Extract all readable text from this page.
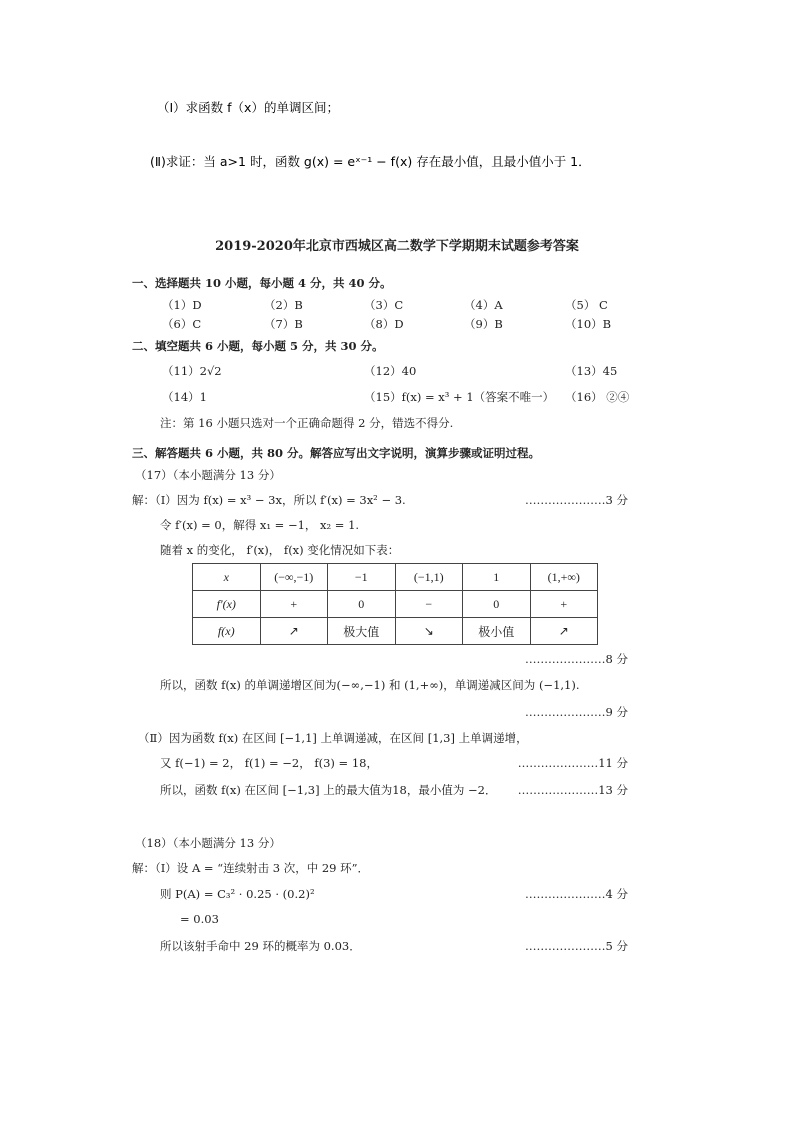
（Ⅰ）求函数 f（x）的单调区间；
(Ⅱ)求证：当 a>1 时，函数 g(x) = eˣ⁻¹ − f(x) 存在最小值，且最小值小于 1．
2019-2020年北京市西城区高二数学下学期期末试题参考答案
一、选择题共 10 小题，每小题 4 分，共 40 分。
（1）D	（2）B	（3）C	（4）A	（5） C
（6）C	（7）B	（8）D	（9）B	（10）B
二、填空题共 6 小题，每小题 5 分，共 30 分。
（11）2√2	（12）40	（13）45
（14）1	（15）f(x) = x³ + 1（答案不唯一） （16） ②④
注：第 16 小题只选对一个正确命题得 2 分，错选不得分.
三、解答题共 6 小题，共 80 分。解答应写出文字说明，演算步骤或证明过程。
（17）（本小题满分 13 分）
解：（Ⅰ）因为 f(x) = x³ − 3x，所以 f′(x) = 3x² − 3.	…………………3 分
令 f′(x) = 0，解得 x₁ = −1， x₂ = 1.
随着 x 的变化， f′(x)， f(x) 变化情况如下表：
x	(−∞,−1)	−1	(−1,1)	1	(1,+∞)
f′(x)	+	0	−	0	+
f(x)	↗	极大值	↘	极小值	↗
…………………8 分
所以，函数 f(x) 的单调递增区间为(−∞,−1) 和 (1,+∞)，单调递减区间为 (−1,1).
…………………9 分
（Ⅱ）因为函数 f(x) 在区间 [−1,1] 上单调递减，在区间 [1,3] 上单调递增，
又 f(−1) = 2， f(1) = −2， f(3) = 18，	…………………11 分
所以，函数 f(x) 在区间 [−1,3] 上的最大值为18，最小值为 −2． …………………13 分
（18）（本小题满分 13 分）
解：（Ⅰ）设 A = “连续射击 3 次，中 29 环”．
则 P(A) = C₃² · 0.25 · (0.2)²	…………………4 分
= 0.03
所以该射手命中 29 环的概率为 0.03．	…………………5 分
